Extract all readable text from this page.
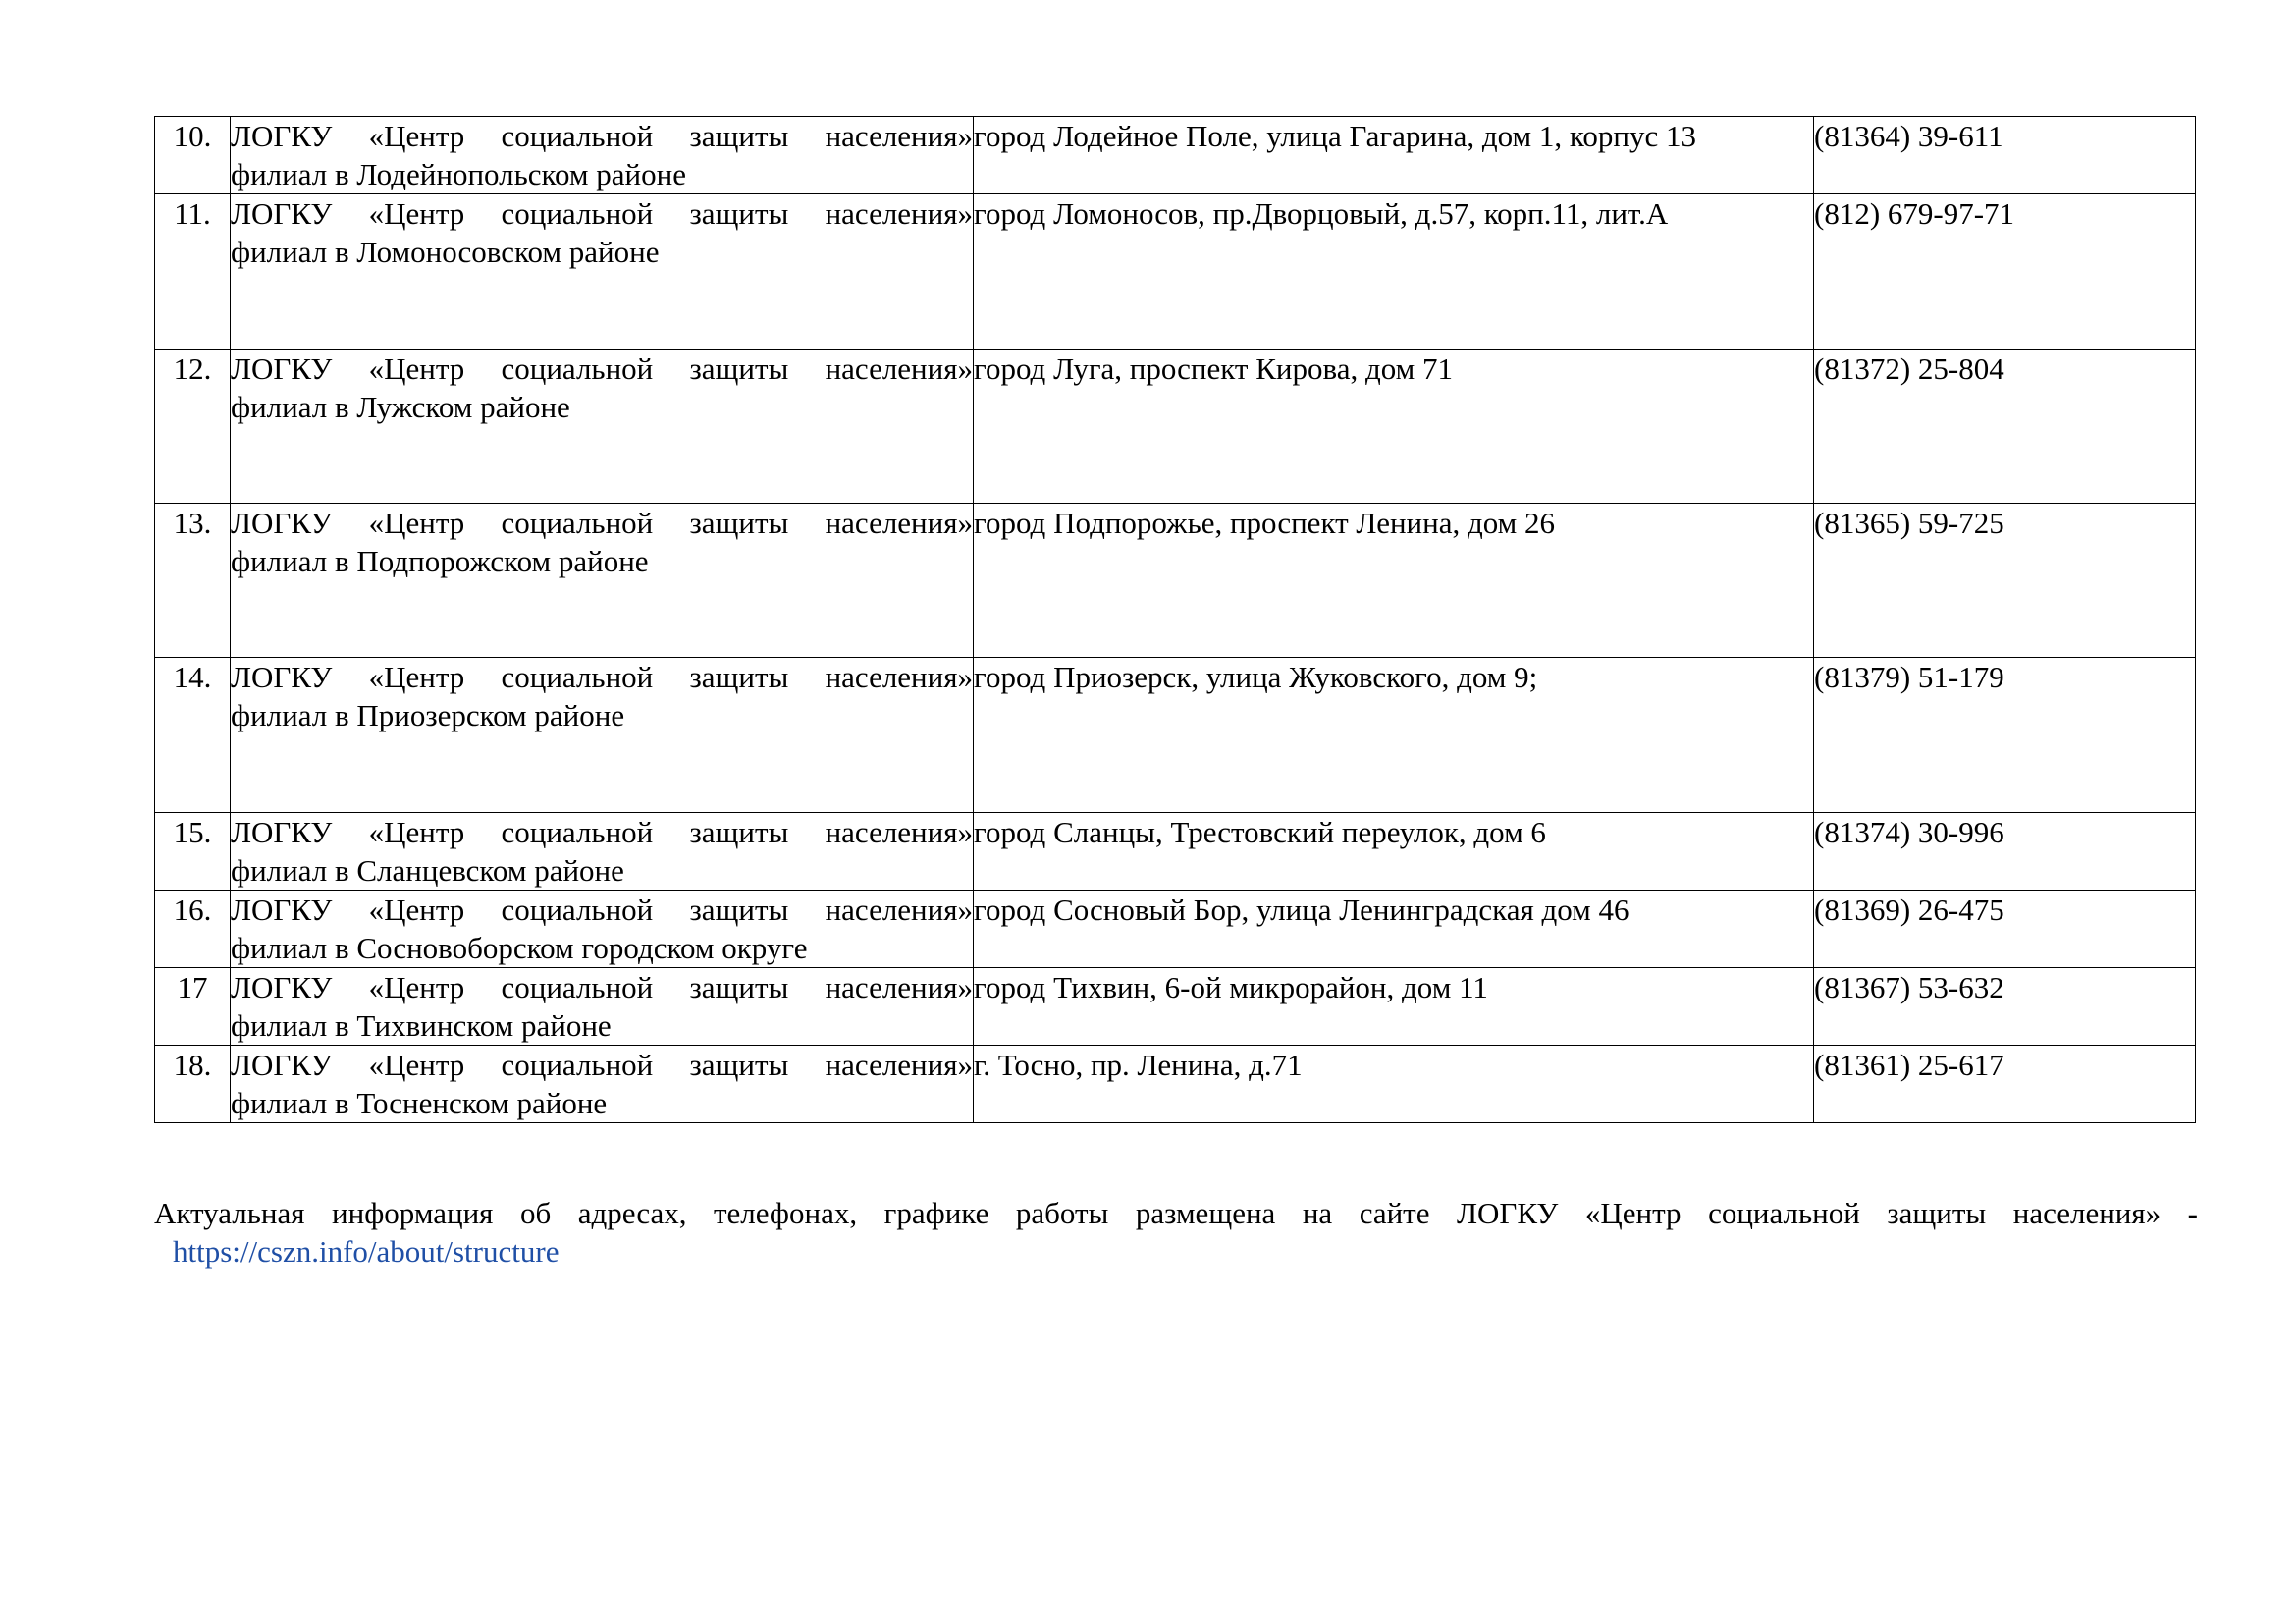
10.	ЛОГКУ «Центр социальной защиты населения»
филиал в Лодейнопольском районе	город Лодейное Поле, улица Гагарина, дом 1, корпус 13	(81364) 39-611
11.	ЛОГКУ «Центр социальной защиты населения»
филиал в Ломоносовском районе	город Ломоносов, пр.Дворцовый, д.57, корп.11, лит.А	(812) 679-97-71
12.	ЛОГКУ «Центр социальной защиты населения»
филиал в Лужском районе	город Луга, проспект Кирова, дом 71	(81372) 25-804
13.	ЛОГКУ «Центр социальной защиты населения»
филиал в Подпорожском районе	город Подпорожье, проспект Ленина, дом 26	(81365) 59-725
14.	ЛОГКУ «Центр социальной защиты населения»
филиал в Приозерском районе	город Приозерск, улица Жуковского, дом 9;	(81379) 51-179
15.	ЛОГКУ «Центр социальной защиты населения»
филиал в Сланцевском районе	город Сланцы, Трестовский переулок, дом 6	(81374) 30-996
16.	ЛОГКУ «Центр социальной защиты населения»
филиал в Сосновоборском городском округе	город Сосновый Бор, улица Ленинградская дом 46	(81369) 26-475
17	ЛОГКУ «Центр социальной защиты населения»
филиал в Тихвинском районе	город Тихвин, 6-ой микрорайон, дом 11	(81367) 53-632
18.	ЛОГКУ «Центр социальной защиты населения»
филиал в Тосненском районе	г. Тосно, пр. Ленина, д.71	(81361) 25-617
Актуальная информация об адресах, телефонах, графике работы размещена на сайте ЛОГКУ «Центр социальной защиты населения» -
https://cszn.info/about/structure
